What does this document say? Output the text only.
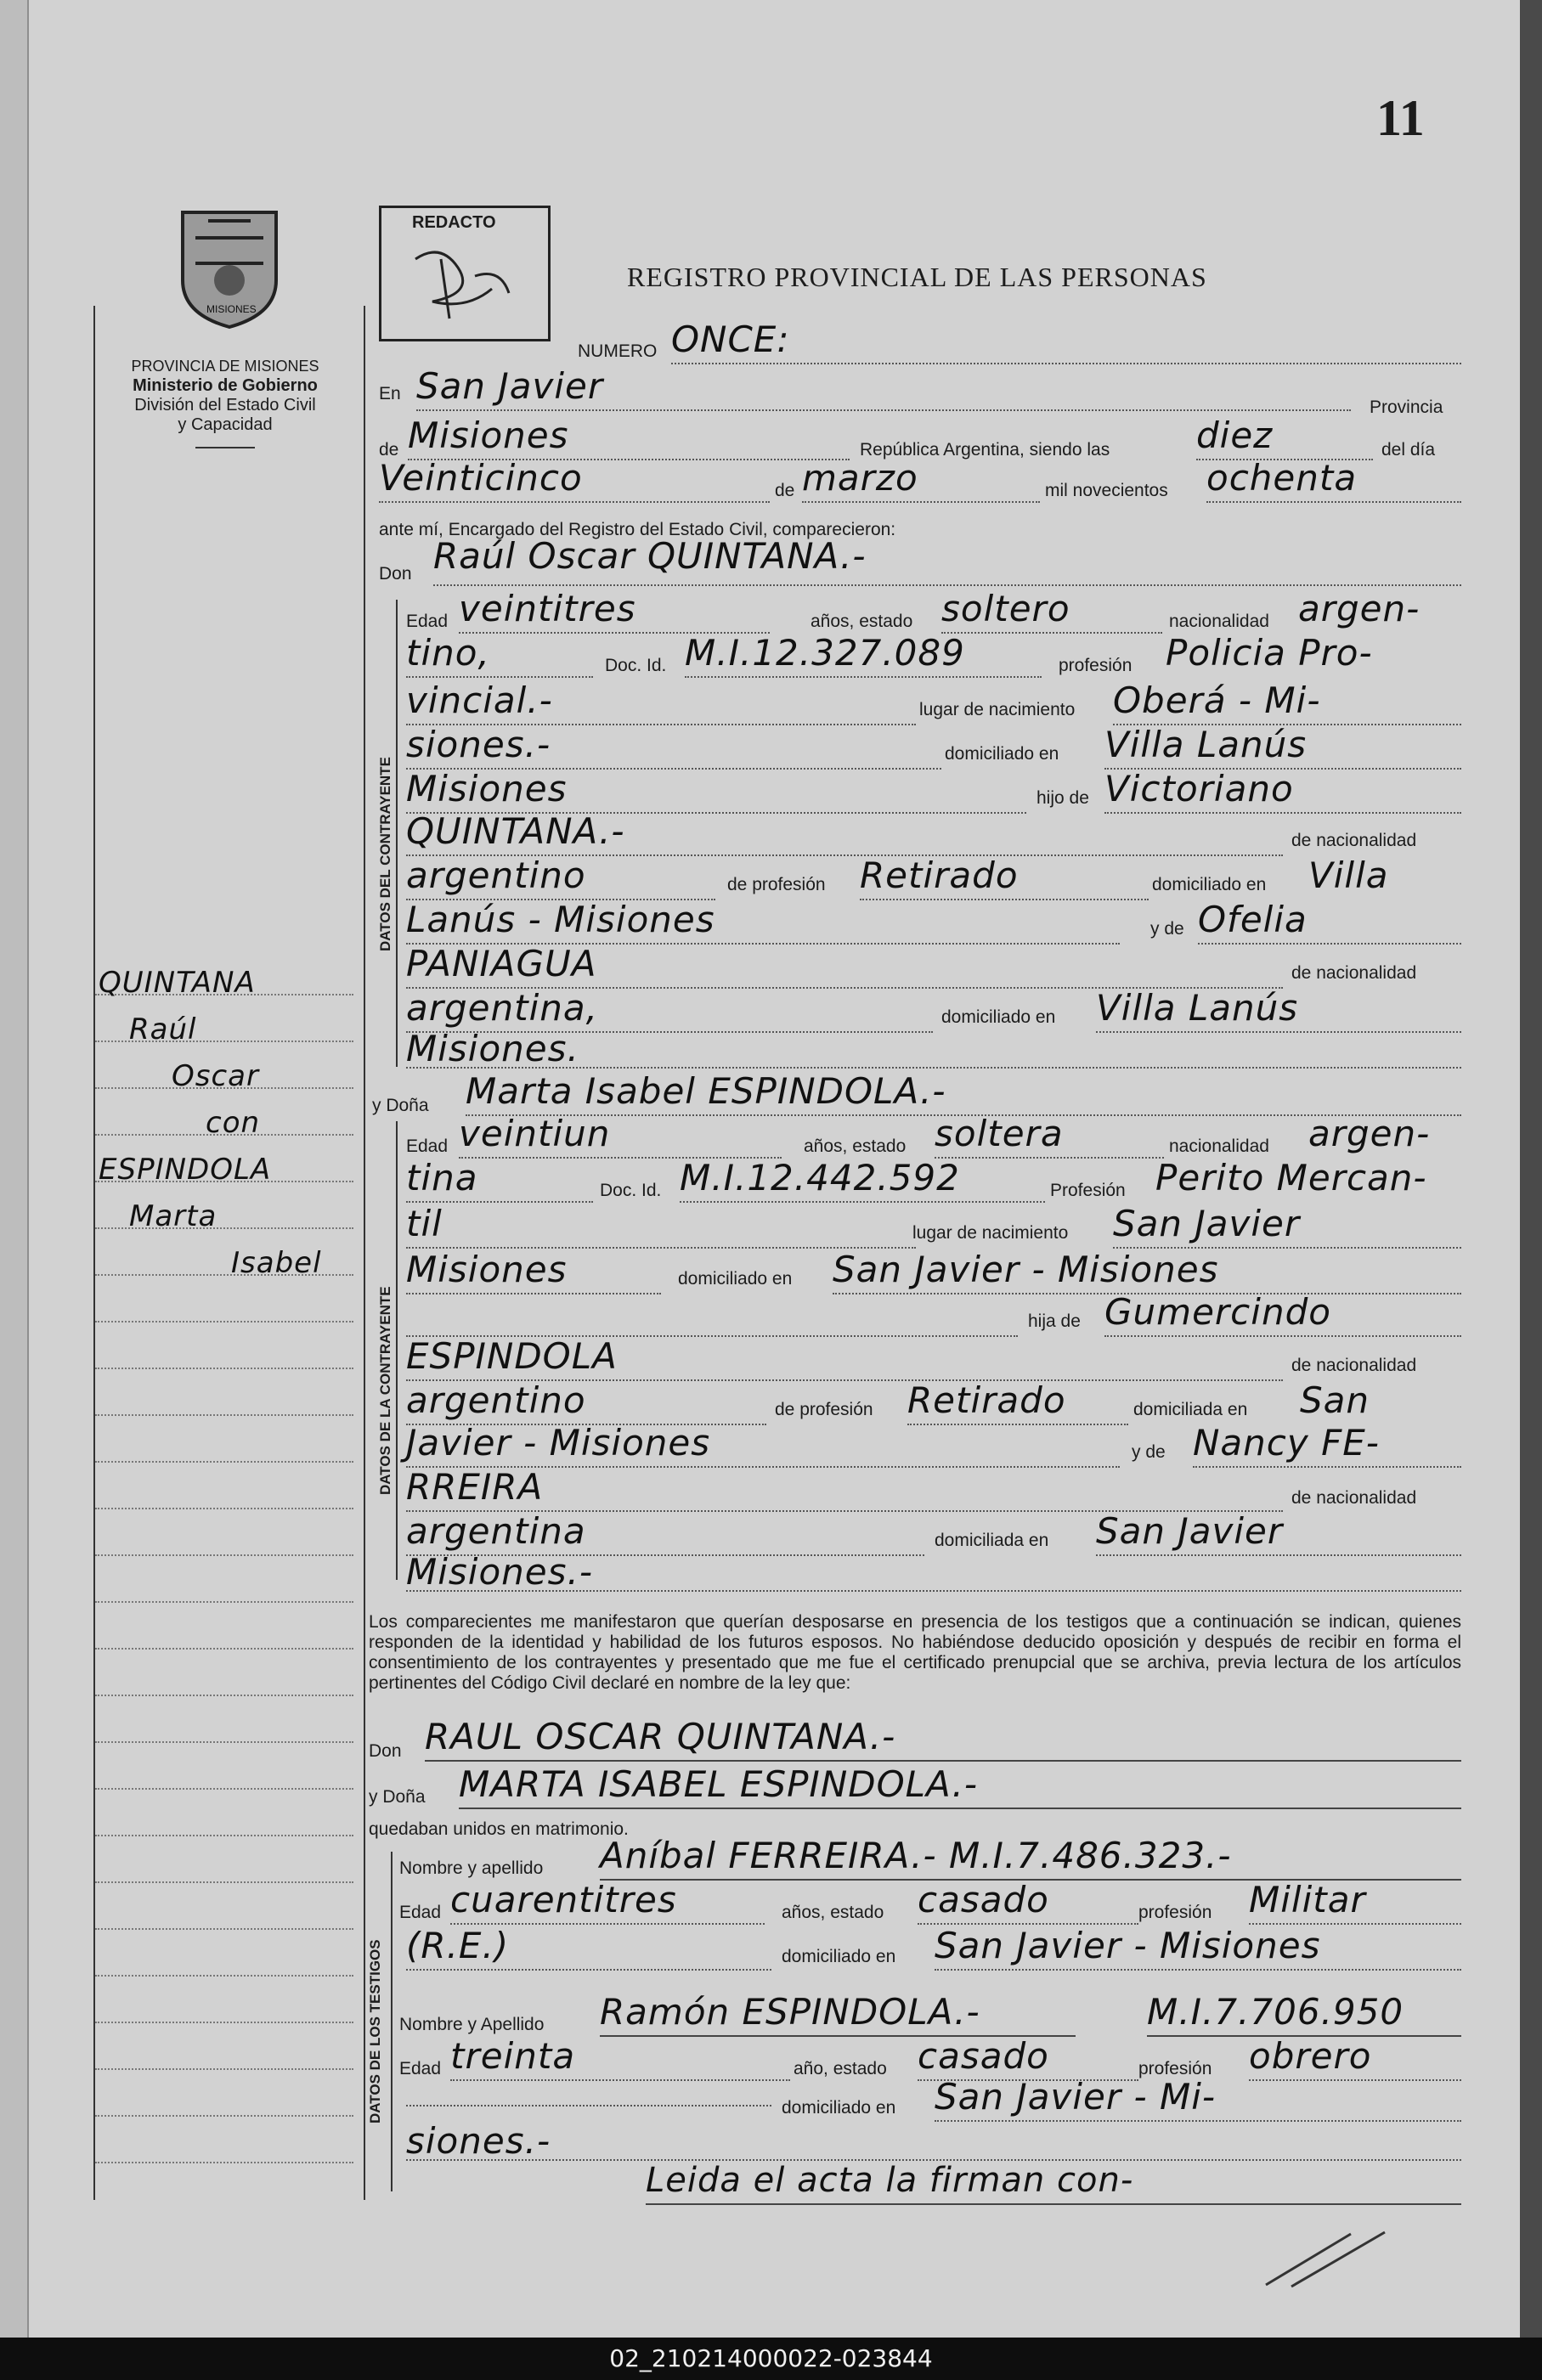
11
REDACTO
REGISTRO PROVINCIAL DE LAS PERSONAS
MISIONES
PROVINCIA DE MISIONES
Ministerio de Gobierno
División del Estado Civil
y Capacidad
QUINTANA
Raúl
Oscar
con
ESPINDOLA
Marta
Isabel
NUMERO ONCE:
En San Javier
Provincia
de Misiones	República Argentina, siendo las diez	del día
Veinticinco	de marzo	mil novecientos ochenta
ante mí, Encargado del Registro del Estado Civil, comparecieron:
Don Raúl Oscar QUINTANA.-
DATOS DEL CONTRAYENTE
Edad veintitres	años, estado soltero	nacionalidad argen-
tino,	Doc. Id. M.I.12.327.089	profesión Policia Pro-
vincial.-	lugar de nacimiento Oberá - Mi-
siones.-	domiciliado en Villa Lanús
Misiones	hijo de Victoriano
QUINTANA.-	de nacionalidad
argentino	de profesión Retirado	domiciliado en Villa
Lanús - Misiones	y de Ofelia
PANIAGUA	de nacionalidad
argentina,	domiciliado en Villa Lanús
Misiones.
y Doña Marta Isabel ESPINDOLA.-
DATOS DE LA CONTRAYENTE
Edad veintiun	años, estado soltera	nacionalidad argen-
tina	Doc. Id. M.I.12.442.592	Profesión Perito Mercan-
til	lugar de nacimiento San Javier
Misiones	domiciliado en San Javier - Misiones
hija de Gumercindo
ESPINDOLA	de nacionalidad
argentino	de profesión Retirado	domiciliada en San
Javier - Misiones	y de Nancy FE-
RREIRA	de nacionalidad
argentina	domiciliada en San Javier
Misiones.-
Los comparecientes me manifestaron que querían desposarse en presencia de los testigos que a continuación se indican, quienes responden de la identidad y habilidad de los futuros esposos. No habiéndose deducido oposición y después de recibir en forma el consentimiento de los contrayentes y presentado que me fue el certificado prenupcial que se archiva, previa lectura de los artículos pertinentes del Código Civil declaré en nombre de la ley que:
Don RAUL OSCAR QUINTANA.-
y Doña MARTA ISABEL ESPINDOLA.-
quedaban unidos en matrimonio.
DATOS DE LOS TESTIGOS
Nombre y apellido Aníbal FERREIRA.- M.I.7.486.323.-
Edad cuarentitres	años, estado casado	profesión Militar
(R.E.)	domiciliado en San Javier - Misiones
Nombre y Apellido Ramón ESPINDOLA.-	M.I.7.706.950
Edad treinta	año, estado casado	profesión obrero
domiciliado en San Javier - Mi-
siones.-
Leida el acta la firman con-
02_210214000022-023844
